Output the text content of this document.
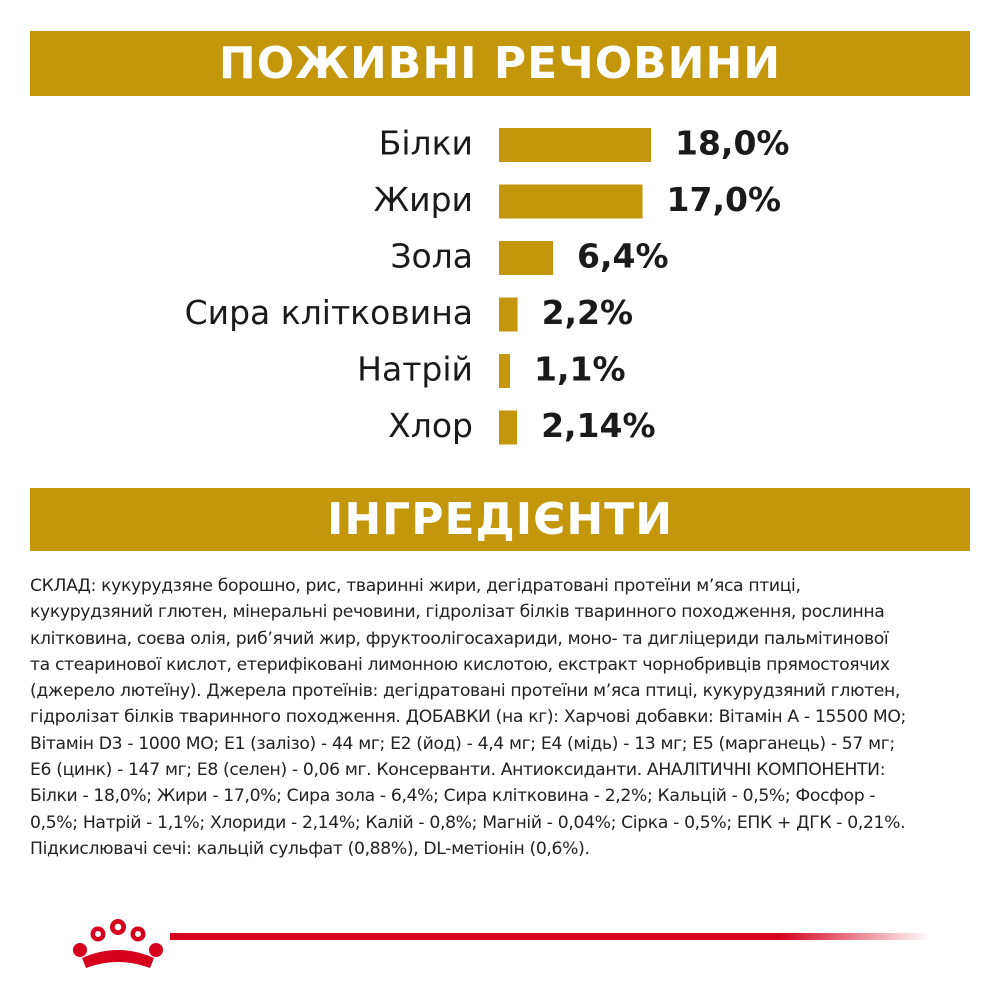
ПОЖИВНІ РЕЧОВИНИ
Білки	18,0%
Жири	17,0%
Зола	6,4%
Сира клітковина 2,2%
Натрій 1,1%
Хлор 2,14%
ІНГРЕДІЄНТИ

СКЛАД: кукурудзяне борошно, рис, тваринні жири, дегідратовані протеїни м’яса птиці,
кукурудзяний глютен, мінеральні речовини, гідролізат білків тваринного походження, рослинна
клітковина, соєва олія, риб’ячий жир, фруктоолігосахариди, моно- та дигліцериди пальмітинової
та стеаринової кислот, етерифіковані лимонною кислотою, екстракт чорнобривців прямостоячих
(джерело лютеїну). Джерела протеїнів: дегідратовані протеїни м’яса птиці, кукурудзяний глютен,
гідролізат білків тваринного походження. ДОБАВКИ (на кг): Харчові добавки: Вітамін А - 15500 МО;
Вітамін D3 - 1000 МО; Е1 (залізо) - 44 мг; Е2 (йод) - 4,4 мг; Е4 (мідь) - 13 мг; Е5 (марганець) - 57 мг;
Е6 (цинк) - 147 мг; Е8 (селен) - 0,06 мг. Консерванти. Антиоксиданти. АНАЛІТИЧНІ КОМПОНЕНТИ:
Білки - 18,0%; Жири - 17,0%; Сира зола - 6,4%; Сира клітковина - 2,2%; Кальцій - 0,5%; Фосфор -
0,5%; Натрій - 1,1%; Хлориди - 2,14%; Калій - 0,8%; Магній - 0,04%; Сірка - 0,5%; ЕПК + ДГК - 0,21%.
Підкислювачі сечі: кальцій сульфат (0,88%), DL-метіонін (0,6%).
